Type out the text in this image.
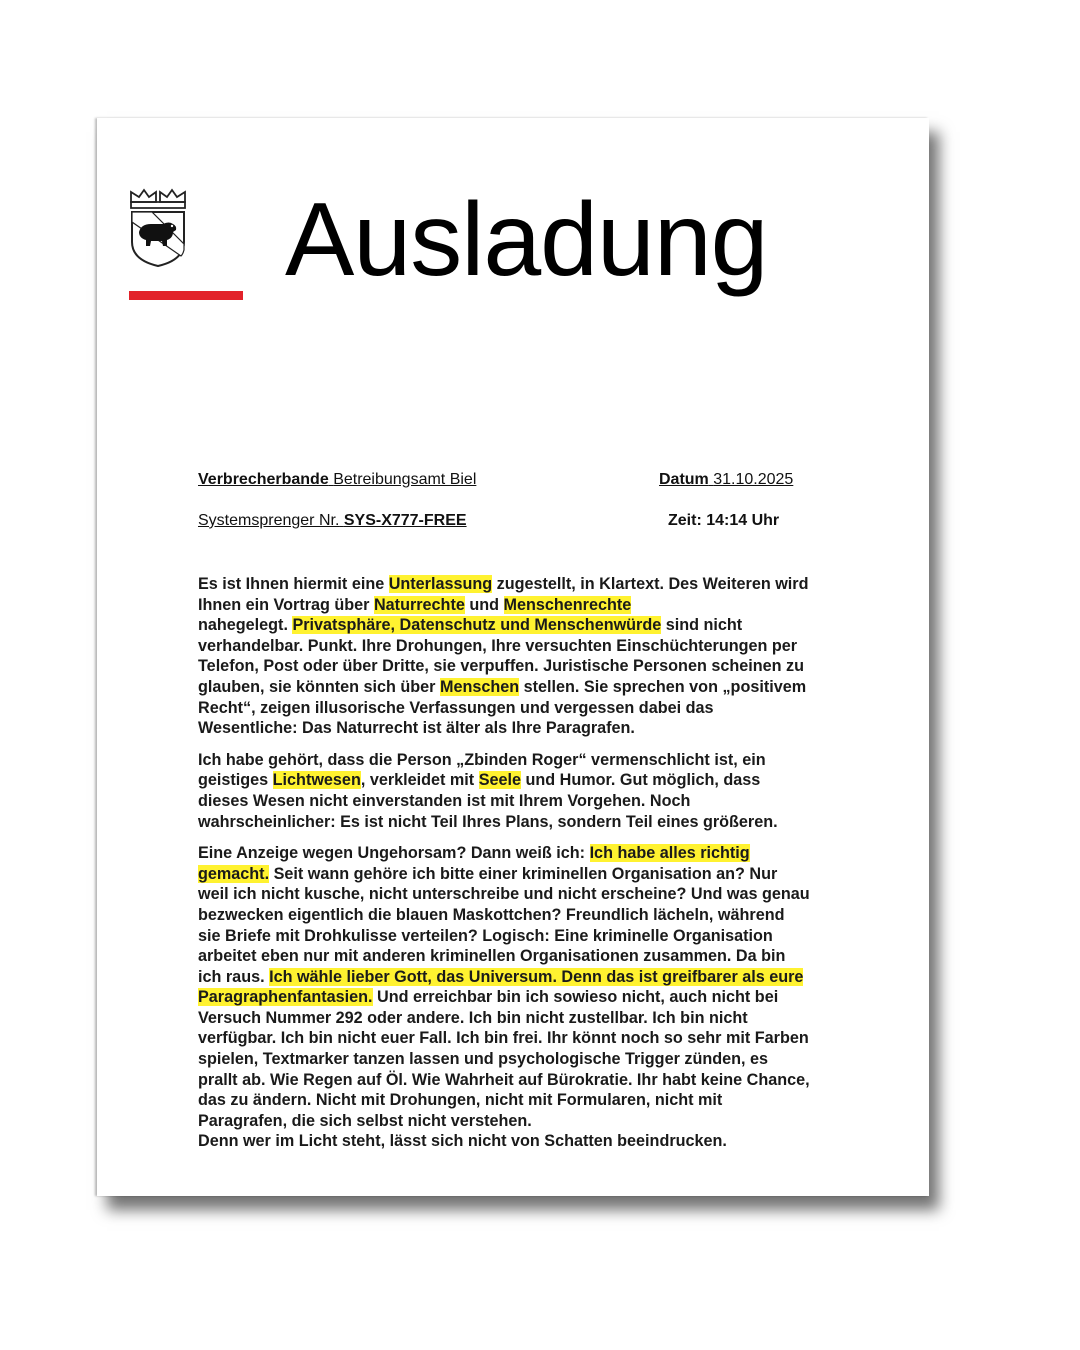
Ausladung
Verbrecherbande Betreibungsamt Biel	Datum 31.10.2025
Systemsprenger Nr. SYS-X777-FREE	Zeit: 14:14 Uhr

Es ist Ihnen hiermit eine Unterlassung zugestellt, in Klartext. Des Weiteren wird
Ihnen ein Vortrag über Naturrechte und Menschenrechte
nahegelegt. Privatsphäre, Datenschutz und Menschenwürde sind nicht
verhandelbar. Punkt. Ihre Drohungen, Ihre versuchten Einschüchterungen per
Telefon, Post oder über Dritte, sie verpuffen. Juristische Personen scheinen zu
glauben, sie könnten sich über Menschen stellen. Sie sprechen von „positivem
Recht“, zeigen illusorische Verfassungen und vergessen dabei das
Wesentliche: Das Naturrecht ist älter als Ihre Paragrafen.

Ich habe gehört, dass die Person „Zbinden Roger“ vermenschlicht ist, ein
geistiges Lichtwesen, verkleidet mit Seele und Humor. Gut möglich, dass
dieses Wesen nicht einverstanden ist mit Ihrem Vorgehen. Noch
wahrscheinlicher: Es ist nicht Teil Ihres Plans, sondern Teil eines größeren.

Eine Anzeige wegen Ungehorsam? Dann weiß ich: Ich habe alles richtig
gemacht. Seit wann gehöre ich bitte einer kriminellen Organisation an? Nur
weil ich nicht kusche, nicht unterschreibe und nicht erscheine? Und was genau
bezwecken eigentlich die blauen Maskottchen? Freundlich lächeln, während
sie Briefe mit Drohkulisse verteilen? Logisch: Eine kriminelle Organisation
arbeitet eben nur mit anderen kriminellen Organisationen zusammen. Da bin
ich raus. Ich wähle lieber Gott, das Universum. Denn das ist greifbarer als eure
Paragraphenfantasien. Und erreichbar bin ich sowieso nicht, auch nicht bei
Versuch Nummer 292 oder andere. Ich bin nicht zustellbar. Ich bin nicht
verfügbar. Ich bin nicht euer Fall. Ich bin frei. Ihr könnt noch so sehr mit Farben
spielen, Textmarker tanzen lassen und psychologische Trigger zünden, es
prallt ab. Wie Regen auf Öl. Wie Wahrheit auf Bürokratie. Ihr habt keine Chance,
das zu ändern. Nicht mit Drohungen, nicht mit Formularen, nicht mit
Paragrafen, die sich selbst nicht verstehen.
Denn wer im Licht steht, lässt sich nicht von Schatten beeindrucken.
